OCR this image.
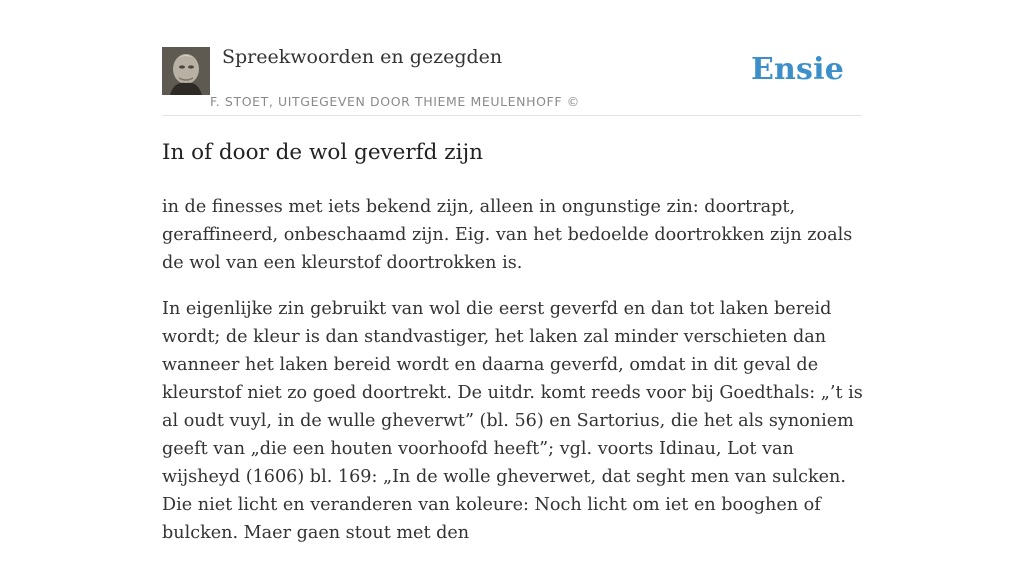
Spreekwoorden en gezegden
F. STOET, UITGEGEVEN DOOR THIEME MEULENHOFF ©
Ensie
In of door de wol geverfd zijn

in de finesses met iets bekend zijn, alleen in ongunstige zin: doortrapt, geraffineerd, onbeschaamd zijn. Eig. van het bedoelde doortrokken zijn zoals de wol van een kleurstof doortrokken is.

In eigenlijke zin gebruikt van wol die eerst geverfd en dan tot laken bereid wordt; de kleur is dan standvastiger, het laken zal minder verschieten dan wanneer het laken bereid wordt en daarna geverfd, omdat in dit geval de kleurstof niet zo goed doortrekt. De uitdr. komt reeds voor bij Goedthals: „’t is al oudt vuyl, in de wulle gheverwt” (bl. 56) en Sartorius, die het als synoniem geeft van „die een houten voorhoofd heeft”; vgl. voorts Idinau, Lot van wijsheyd (1606) bl. 169: „In de wolle gheverwet, dat seght men van sulcken. Die niet licht en veranderen van koleure: Noch licht om iet en booghen of bulcken. Maer gaen stout met den
